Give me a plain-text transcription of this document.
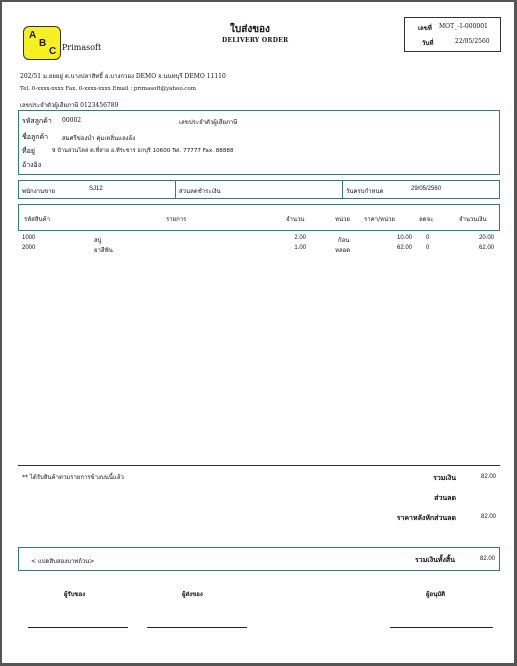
A
B
C Primasoft
ใบส่งของ
DELIVERY ORDER
เลขที่ MOT_-1-000001
วันที่	22/05/2560
202/51 ม.ยยยยู่ ต.บางปลาสิทธิ์ อ.บางกวอง DEMO จ.นนทบุรี DEMO 11110
Tel. 0-xxxx-xxxx Fax. 0-xxxx-xxxx Email : primasoft@yahoo.com
เลขประจำตัวผู้เสียภาษี 0123456789
รหัสลูกค้า 00002	เลขประจำตัวผู้เสียภาษี
ชื่อลูกค้า สมศรีข่องบ่ำ คุ่มเหลิ่นแลงอ้ง
ที่อยู่	9 บ้านสวนโคส ต.ที่สาย อ.ทีร่ะชาร ธกบุรี 10600 Tel. 77777 Fax. 88888
อ้างอิง
พนักงานขาย	SJ12	ส่วนลดชำระเงิน	วันครบกำหนด	29/05/2560
รหัสสินค้า	รายการ	จำนวน	หน่วย ราคา/หน่วย	ลดจะ	จำนวนเงิน
1000	สบู่	2.00	ก้อน	10.00 0	20.00
2000	ยาสีฟัน	1.00	หลอด	62.00 0	62.00
** ได้รับสินค้าตามรายการข้างบนนี้แล้ว	รวมเงิน	82.00
ส่วนลด
ราคาหลังหักส่วนลด	82.00
< แปดสิบสองบาทถ้วน>	รวมเงินทั้งสิ้น	82.00
ผู้รับของ	ผู้ส่งของ	ผู้อนุมัติ
